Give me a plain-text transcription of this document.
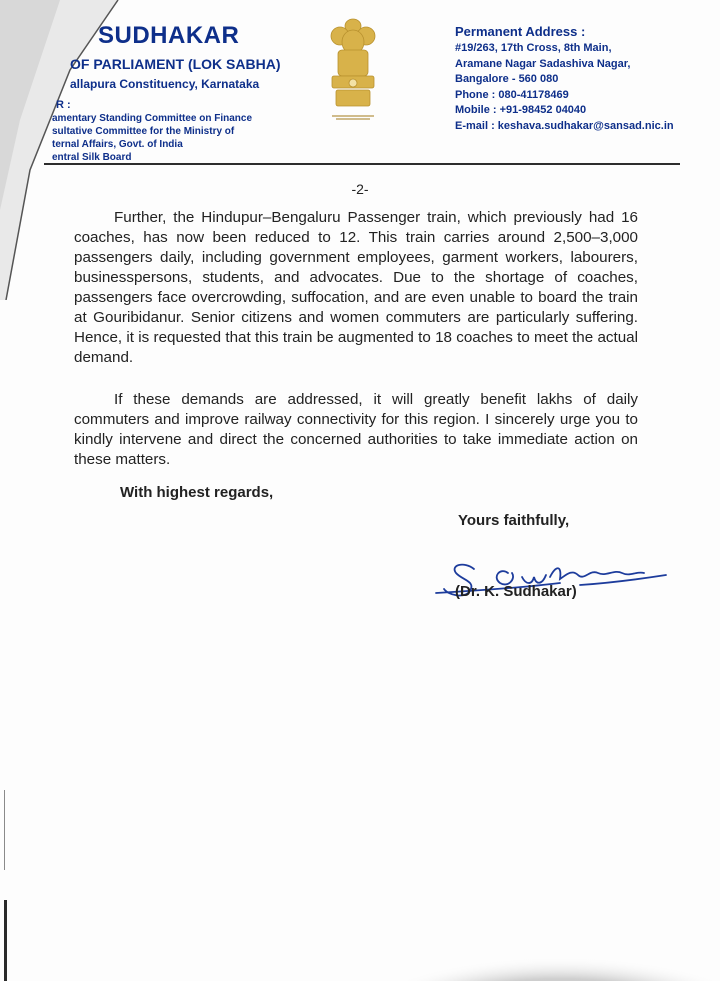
SUDHAKAR
OF PARLIAMENT (LOK SABHA)
allapura Constituency, Karnataka
R :
amentary Standing Committee on Finance
sultative Committee for the Ministry of
ternal Affairs, Govt. of India
entral Silk Board
Permanent Address :
#19/263, 17th Cross, 8th Main,
Aramane Nagar Sadashiva Nagar,
Bangalore - 560 080
Phone : 080-41178469
Mobile : +91-98452 04040
E-mail : keshava.sudhakar@sansad.nic.in
-2-

Further, the Hindupur–Bengaluru Passenger train, which previously had 16 coaches, has now been reduced to 12. This train carries around 2,500–3,000 passengers daily, including government employees, garment workers, labourers, businesspersons, students, and advocates. Due to the shortage of coaches, passengers face overcrowding, suffocation, and are even unable to board the train at Gouribidanur. Senior citizens and women commuters are particularly suffering. Hence, it is requested that this train be augmented to 18 coaches to meet the actual demand.

If these demands are addressed, it will greatly benefit lakhs of daily commuters and improve railway connectivity for this region. I sincerely urge you to kindly intervene and direct the concerned authorities to take immediate action on these matters.

With highest regards,
Yours faithfully,
(Dr. K. Sudhakar)
